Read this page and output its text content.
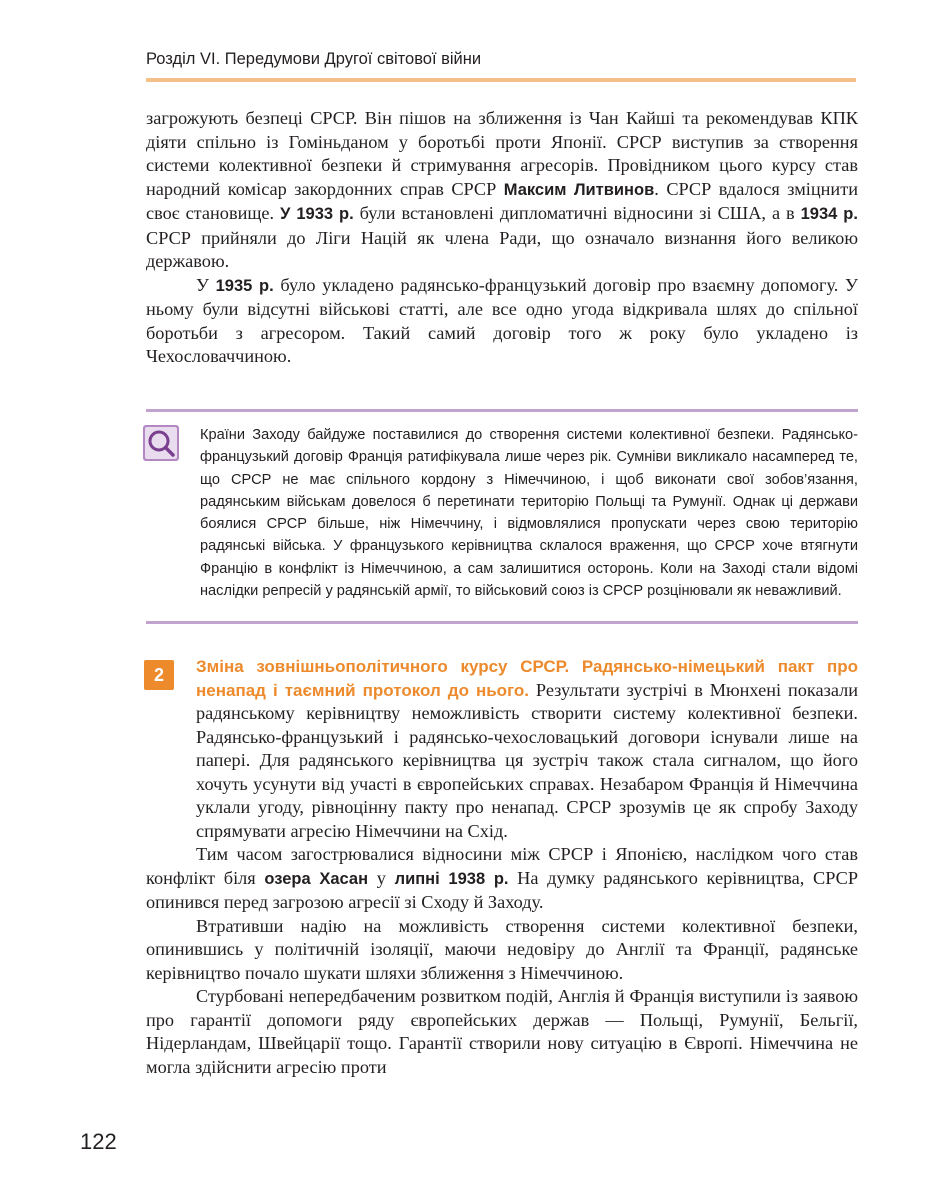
Розділ VI. Передумови Другої світової війни

загрожують безпеці СРСР. Він пішов на зближення із Чан Кайші та рекомендував КПК діяти спільно із Гоміньданом у боротьбі проти Японії. СРСР виступив за створення системи колективної безпеки й стримування агресорів. Провідником цього курсу став народний комісар закордонних справ СРСР Максим Литвинов. СРСР вдалося зміцнити своє становище. У 1933 р. були встановлені дипломатичні відносини зі США, а в 1934 р. СРСР прийняли до Ліги Націй як члена Ради, що означало визнання його великою державою.

У 1935 р. було укладено радянсько-французький договір про взаємну допомогу. У ньому були відсутні військові статті, але все одно угода відкривала шлях до спільної боротьби з агресором. Такий самий договір того ж року було укладено із Чехословаччиною.

Країни Заходу байдуже поставилися до створення системи колективної безпеки. Радянсько-французький договір Франція ратифікувала лише через рік. Сумніви викликало насамперед те, що СРСР не має спільного кордону з Німеччиною, і щоб виконати свої зобов’язання, радянським військам довелося б перетинати територію Польщі та Румунії. Однак ці держави боялися СРСР більше, ніж Німеччину, і відмовлялися пропускати через свою територію радянські війська. У французького керівництва склалося враження, що СРСР хоче втягнути Францію в конфлікт із Німеччиною, а сам залишитися осторонь. Коли на Заході стали відомі наслідки репресій у радянській армії, то військовий союз із СРСР розцінювали як неважливий.

2	Зміна зовнішньополітичного курсу СРСР. Радянсько-німецький пакт про ненапад і таємний протокол до нього. Результати зустрічі в Мюнхені показали радянському керівництву неможливість створити систему колективної безпеки. Радянсько-французький і радянсько-чехословацький договори існували лише на папері. Для радянського керівництва ця зустріч також стала сигналом, що його хочуть усунути від участі в європейських справах. Незабаром Франція й Німеччина уклали угоду, рівноцінну пакту про ненапад. СРСР зрозумів це як спробу Заходу спрямувати агресію Німеччини на Схід.

Тим часом загострювалися відносини між СРСР і Японією, наслідком чого став конфлікт біля озера Хасан у липні 1938 р. На думку радянського керівництва, СРСР опинився перед загрозою агресії зі Сходу й Заходу.

Втративши надію на можливість створення системи колективної безпеки, опинившись у політичній ізоляції, маючи недовіру до Англії та Франції, радянське керівництво почало шукати шляхи зближення з Німеччиною.

Стурбовані непередбаченим розвитком подій, Англія й Франція виступили із заявою про гарантії допомоги ряду європейських держав — Польщі, Румунії, Бельгії, Нідерландам, Швейцарії тощо. Гарантії створили нову ситуацію в Європі. Німеччина не могла здійснити агресію проти

122
